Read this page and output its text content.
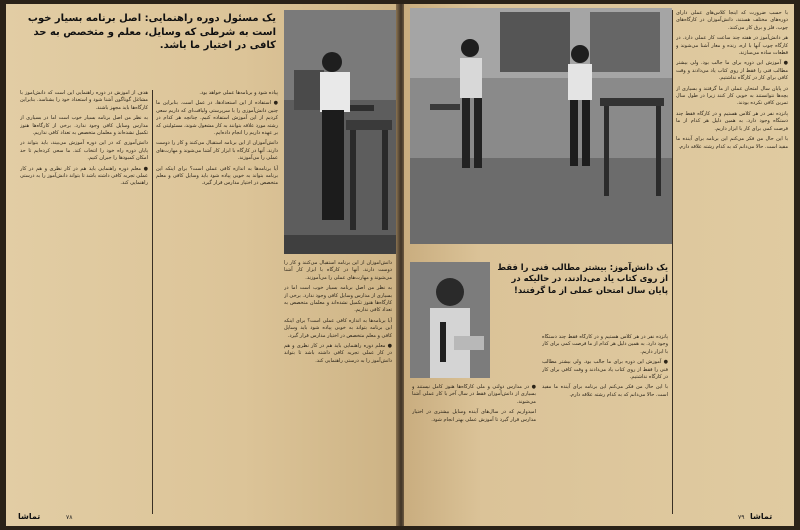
یک مسئول دوره راهنمایی: اصل برنامه بسیار خوب است به شرطی که وسایل، معلم و متخصص به حد کافی در اختیار ما باشد.

پیاده شود و برنامه‌ها عملی خواهد بود.

● استفاده از این استعدادها، در عمل است. بنابراین ما چنین دانش‌آموزی را با سرپرستی ولیاقت‌ای که داریم سعی کردیم از این آموزش استفاده کنیم. چنانچه هر کدام در رشته مورد علاقه بتوانند به کار مشغول شوند، مسئولیتی که بر عهده داریم را انجام داده‌ایم.

دانش‌آموزان از این برنامه استقبال می‌کنند و کار را دوست دارند. آنها در کارگاه با ابزار کار آشنا می‌شوند و مهارت‌های عملی را می‌آموزند.

آیا برنامه‌ها به اندازه کافی عملی است؟ برای اینکه این برنامه بتواند به خوبی پیاده شود باید وسایل کافی و معلم متخصص در اختیار مدارس قرار گیرد.

هدف از آموزش در دوره راهنمایی این است که دانش‌آموز با مشاغل گوناگون آشنا شود و استعداد خود را بشناسد. بنابراین کارگاه‌ها باید مجهز باشند.

به نظر من اصل برنامه بسیار خوب است اما در بسیاری از مدارس وسایل کافی وجود ندارد. برخی از کارگاه‌ها هنوز تکمیل نشده‌اند و معلمان متخصص به تعداد کافی نداریم.

دانش‌آموزی که در این دوره آموزش می‌بیند، باید بتواند در پایان دوره راه خود را انتخاب کند. ما سعی کرده‌ایم تا حد امکان کمبودها را جبران کنیم.

● معلم دوره راهنمایی باید هم در کار نظری و هم در کار عملی تجربه کافی داشته باشد تا بتواند دانش‌آموز را به درستی راهنمایی کند.

دانش‌آموزان از این برنامه استقبال می‌کنند و کار را دوست دارند. آنها در کارگاه با ابزار کار آشنا می‌شوند و مهارت‌های عملی را می‌آموزند.

به نظر من اصل برنامه بسیار خوب است اما در بسیاری از مدارس وسایل کافی وجود ندارد. برخی از کارگاه‌ها هنوز تکمیل نشده‌اند و معلمان متخصص به تعداد کافی نداریم.

آیا برنامه‌ها به اندازه کافی عملی است؟ برای اینکه این برنامه بتواند به خوبی پیاده شود باید وسایل کافی و معلم متخصص در اختیار مدارس قرار گیرد.

● معلم دوره راهنمایی باید هم در کار نظری و هم در کار عملی تجربه کافی داشته باشد تا بتواند دانش‌آموز را به درستی راهنمایی کند.

تماشا	۷۸
یک دانش‌آموز: بیشتر مطالب فنی را فقط از روی کتاب یاد می‌دادند، در حالیکه در پایان سال امتحان عملی از ما گرفتند!

با حسب ضرورت که اینجا کلاس‌های عملی دارای دوره‌های مختلف هستند، دانش‌آموزان در کارگاه‌های چوب، فلز و برق کار می‌کنند.

هر دانش‌آموز در هفته چند ساعت کار عملی دارد. در کارگاه چوب آنها با اره، رنده و مغار آشنا می‌شوند و قطعات ساده می‌سازند.

● آموزش این دوره برای ما جالب بود. ولی بیشتر مطالب فنی را فقط از روی کتاب یاد می‌دادند و وقت کافی برای کار در کارگاه نداشتیم.

در پایان سال امتحان عملی از ما گرفتند و بسیاری از بچه‌ها نتوانستند به خوبی کار کنند زیرا در طول سال تمرین کافی نکرده بودند.

پانزده نفر در هر کلاس هستیم و در کارگاه فقط چند دستگاه وجود دارد. به همین دلیل هر کدام از ما فرصت کمی برای کار با ابزار داریم.

با این حال من فکر می‌کنم این برنامه برای آینده ما مفید است. حالا می‌دانم که به کدام رشته علاقه دارم.

● در مدارس دولتی و ملی کارگاه‌ها هنوز کامل نیستند و بسیاری از دانش‌آموزان فقط در سال آخر با کار عملی آشنا می‌شوند.

امیدواریم که در سال‌های آینده وسایل بیشتری در اختیار مدارس قرار گیرد تا آموزش عملی بهتر انجام شود.

پانزده نفر در هر کلاس هستیم و در کارگاه فقط چند دستگاه وجود دارد. به همین دلیل هر کدام از ما فرصت کمی برای کار با ابزار داریم.

● آموزش این دوره برای ما جالب بود. ولی بیشتر مطالب فنی را فقط از روی کتاب یاد می‌دادند و وقت کافی برای کار در کارگاه نداشتیم.

با این حال من فکر می‌کنم این برنامه برای آینده ما مفید است. حالا می‌دانم که به کدام رشته علاقه دارم.

تماشا
۷۹
